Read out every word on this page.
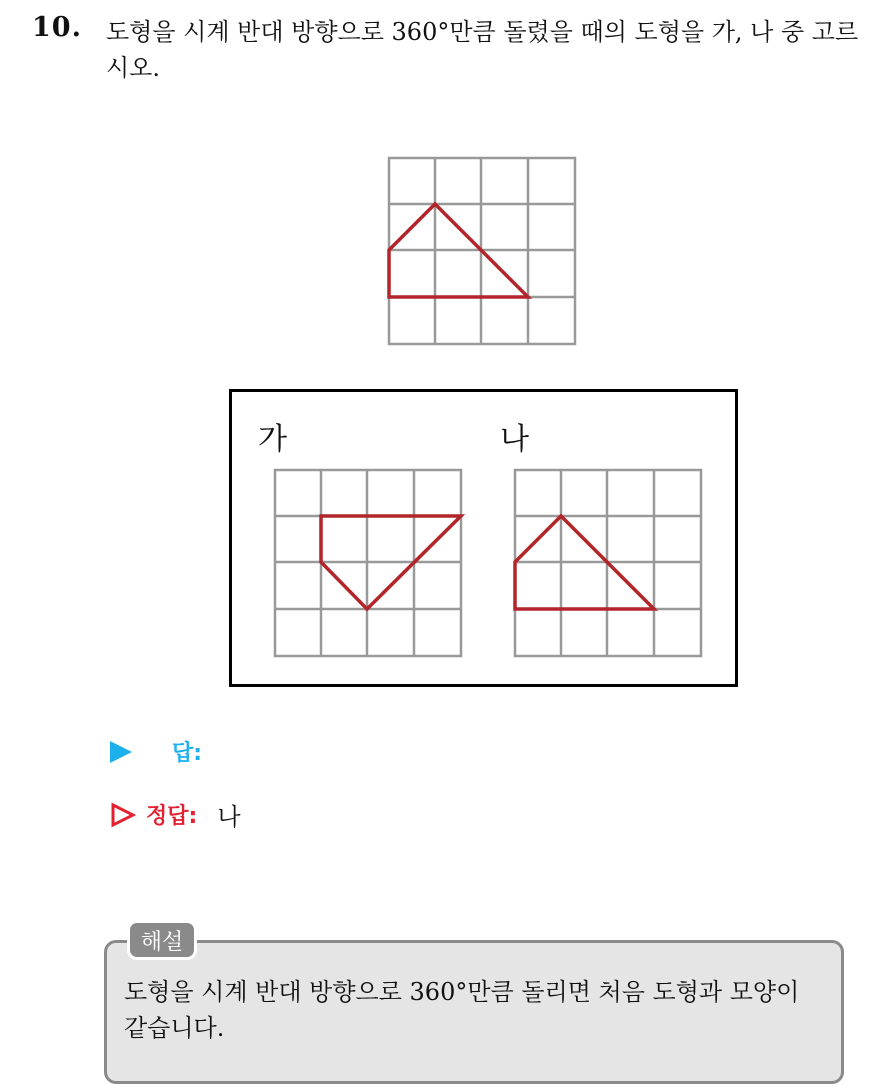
10. 도형을 시계 반대 방향으로 360°만큼 돌렸을 때의 도형을 가, 나 중 고르시오.
가	나
답:
정답: 나
해설
도형을 시계 반대 방향으로 360°만큼 돌리면 처음 도형과 모양이 같습니다.
